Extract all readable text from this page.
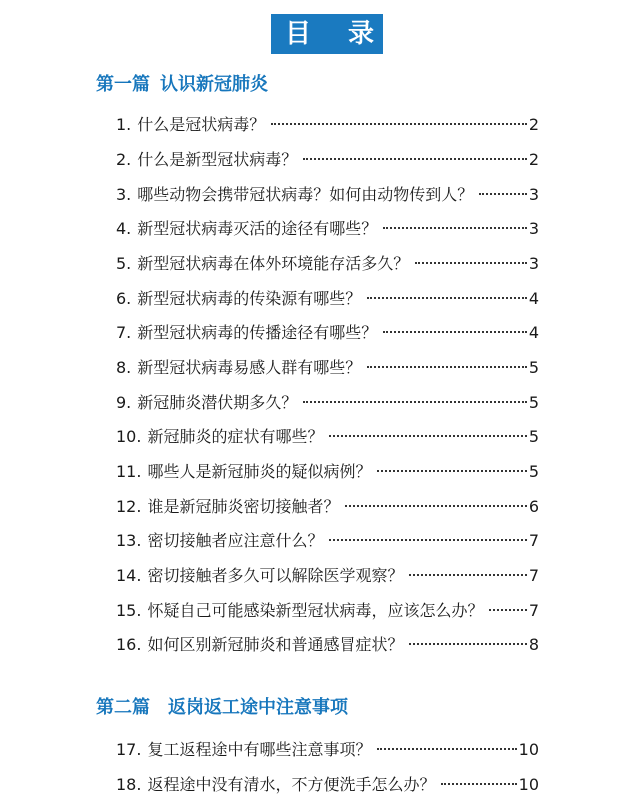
目 录
第一篇 认识新冠肺炎
1. 什么是冠状病毒？	2
2. 什么是新型冠状病毒？	2
3. 哪些动物会携带冠状病毒？如何由动物传到人？	3
4. 新型冠状病毒灭活的途径有哪些？	3
5. 新型冠状病毒在体外环境能存活多久？	3
6. 新型冠状病毒的传染源有哪些？	4
7. 新型冠状病毒的传播途径有哪些？	4
8. 新型冠状病毒易感人群有哪些？	5
9. 新冠肺炎潜伏期多久？	5
10. 新冠肺炎的症状有哪些？	5
11. 哪些人是新冠肺炎的疑似病例？	5
12. 谁是新冠肺炎密切接触者？	6
13. 密切接触者应注意什么？	7
14. 密切接触者多久可以解除医学观察？	7
15. 怀疑自己可能感染新型冠状病毒，应该怎么办？	7
16. 如何区别新冠肺炎和普通感冒症状？	8
第二篇 返岗返工途中注意事项
17. 复工返程途中有哪些注意事项？	10
18. 返程途中没有清水，不方便洗手怎么办？	10
